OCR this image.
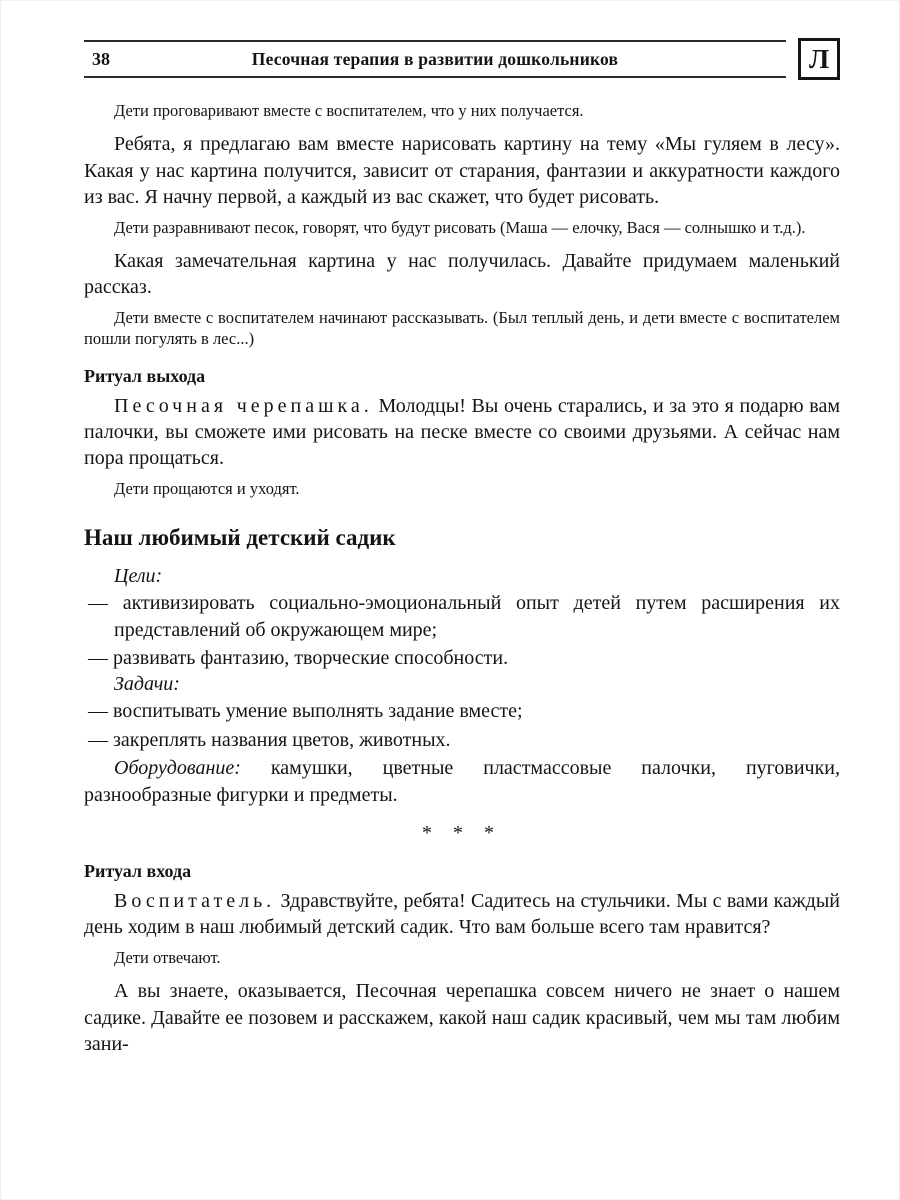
38	Песочная терапия в развитии дошкольников	Л

Дети проговаривают вместе с воспитателем, что у них получается.

Ребята, я предлагаю вам вместе нарисовать картину на тему «Мы гуляем в лесу». Какая у нас картина получится, зависит от старания, фантазии и аккуратности каждого из вас. Я начну первой, а каждый из вас скажет, что будет рисовать.

Дети разравнивают песок, говорят, что будут рисовать (Маша — елочку, Вася — солнышко и т.д.).

Какая замечательная картина у нас получилась. Давайте придумаем маленький рассказ.

Дети вместе с воспитателем начинают рассказывать. (Был теплый день, и дети вместе с воспитателем пошли погулять в лес...)

Ритуал выхода

Песочная черепашка. Молодцы! Вы очень старались, и за это я подарю вам палочки, вы сможете ими рисовать на песке вместе со своими друзьями. А сейчас нам пора прощаться.

Дети прощаются и уходят.

Наш любимый детский садик

Цели:

— активизировать социально-эмоциональный опыт детей путем расширения их представлений об окружающем мире;

— развивать фантазию, творческие способности.

Задачи:

— воспитывать умение выполнять задание вместе;

— закреплять названия цветов, животных.

Оборудование: камушки, цветные пластмассовые палочки, пуговички, разнообразные фигурки и предметы.

* * *

Ритуал входа

Воспитатель. Здравствуйте, ребята! Садитесь на стульчики. Мы с вами каждый день ходим в наш любимый детский садик. Что вам больше всего там нравится?

Дети отвечают.

А вы знаете, оказывается, Песочная черепашка совсем ничего не знает о нашем садике. Давайте ее позовем и расскажем, какой наш садик красивый, чем мы там любим зани-
